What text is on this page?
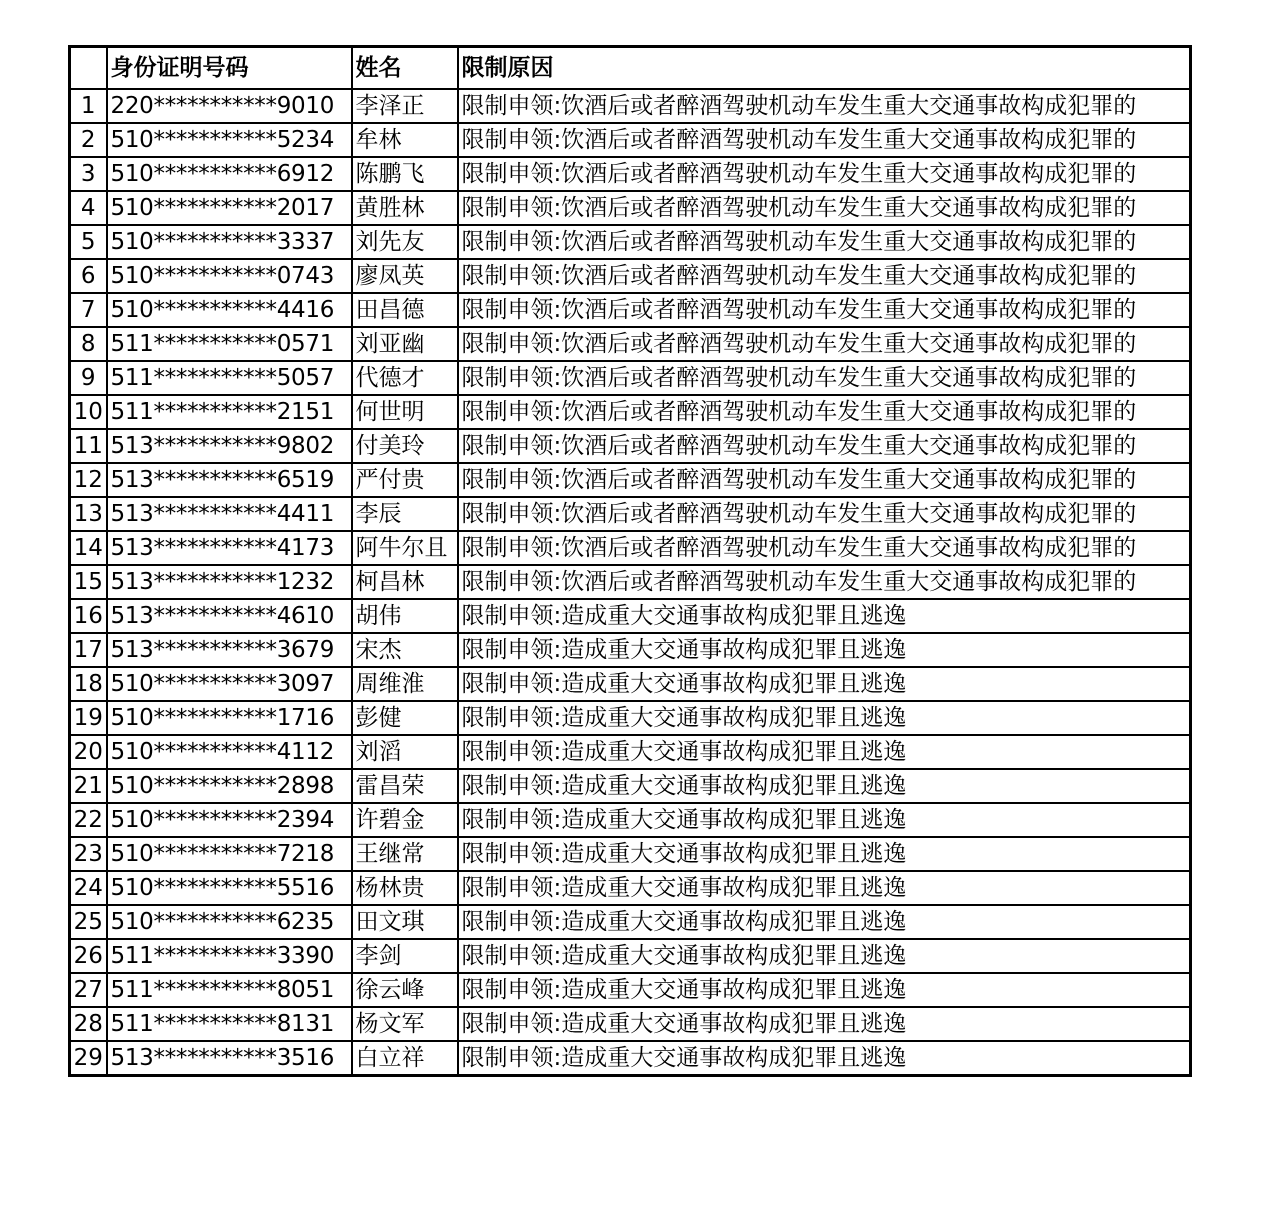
	身份证明号码	姓名	限制原因
1	220***********9010	李泽正	限制申领:饮酒后或者醉酒驾驶机动车发生重大交通事故构成犯罪的
2	510***********5234	牟林	限制申领:饮酒后或者醉酒驾驶机动车发生重大交通事故构成犯罪的
3	510***********6912	陈鹏飞	限制申领:饮酒后或者醉酒驾驶机动车发生重大交通事故构成犯罪的
4	510***********2017	黄胜林	限制申领:饮酒后或者醉酒驾驶机动车发生重大交通事故构成犯罪的
5	510***********3337	刘先友	限制申领:饮酒后或者醉酒驾驶机动车发生重大交通事故构成犯罪的
6	510***********0743	廖凤英	限制申领:饮酒后或者醉酒驾驶机动车发生重大交通事故构成犯罪的
7	510***********4416	田昌德	限制申领:饮酒后或者醉酒驾驶机动车发生重大交通事故构成犯罪的
8	511***********0571	刘亚幽	限制申领:饮酒后或者醉酒驾驶机动车发生重大交通事故构成犯罪的
9	511***********5057	代德才	限制申领:饮酒后或者醉酒驾驶机动车发生重大交通事故构成犯罪的
10	511***********2151	何世明	限制申领:饮酒后或者醉酒驾驶机动车发生重大交通事故构成犯罪的
11	513***********9802	付美玲	限制申领:饮酒后或者醉酒驾驶机动车发生重大交通事故构成犯罪的
12	513***********6519	严付贵	限制申领:饮酒后或者醉酒驾驶机动车发生重大交通事故构成犯罪的
13	513***********4411	李辰	限制申领:饮酒后或者醉酒驾驶机动车发生重大交通事故构成犯罪的
14	513***********4173	阿牛尔且	限制申领:饮酒后或者醉酒驾驶机动车发生重大交通事故构成犯罪的
15	513***********1232	柯昌林	限制申领:饮酒后或者醉酒驾驶机动车发生重大交通事故构成犯罪的
16	513***********4610	胡伟	限制申领:造成重大交通事故构成犯罪且逃逸
17	513***********3679	宋杰	限制申领:造成重大交通事故构成犯罪且逃逸
18	510***********3097	周维淮	限制申领:造成重大交通事故构成犯罪且逃逸
19	510***********1716	彭健	限制申领:造成重大交通事故构成犯罪且逃逸
20	510***********4112	刘滔	限制申领:造成重大交通事故构成犯罪且逃逸
21	510***********2898	雷昌荣	限制申领:造成重大交通事故构成犯罪且逃逸
22	510***********2394	许碧金	限制申领:造成重大交通事故构成犯罪且逃逸
23	510***********7218	王继常	限制申领:造成重大交通事故构成犯罪且逃逸
24	510***********5516	杨林贵	限制申领:造成重大交通事故构成犯罪且逃逸
25	510***********6235	田文琪	限制申领:造成重大交通事故构成犯罪且逃逸
26	511***********3390	李剑	限制申领:造成重大交通事故构成犯罪且逃逸
27	511***********8051	徐云峰	限制申领:造成重大交通事故构成犯罪且逃逸
28	511***********8131	杨文军	限制申领:造成重大交通事故构成犯罪且逃逸
29	513***********3516	白立祥	限制申领:造成重大交通事故构成犯罪且逃逸
